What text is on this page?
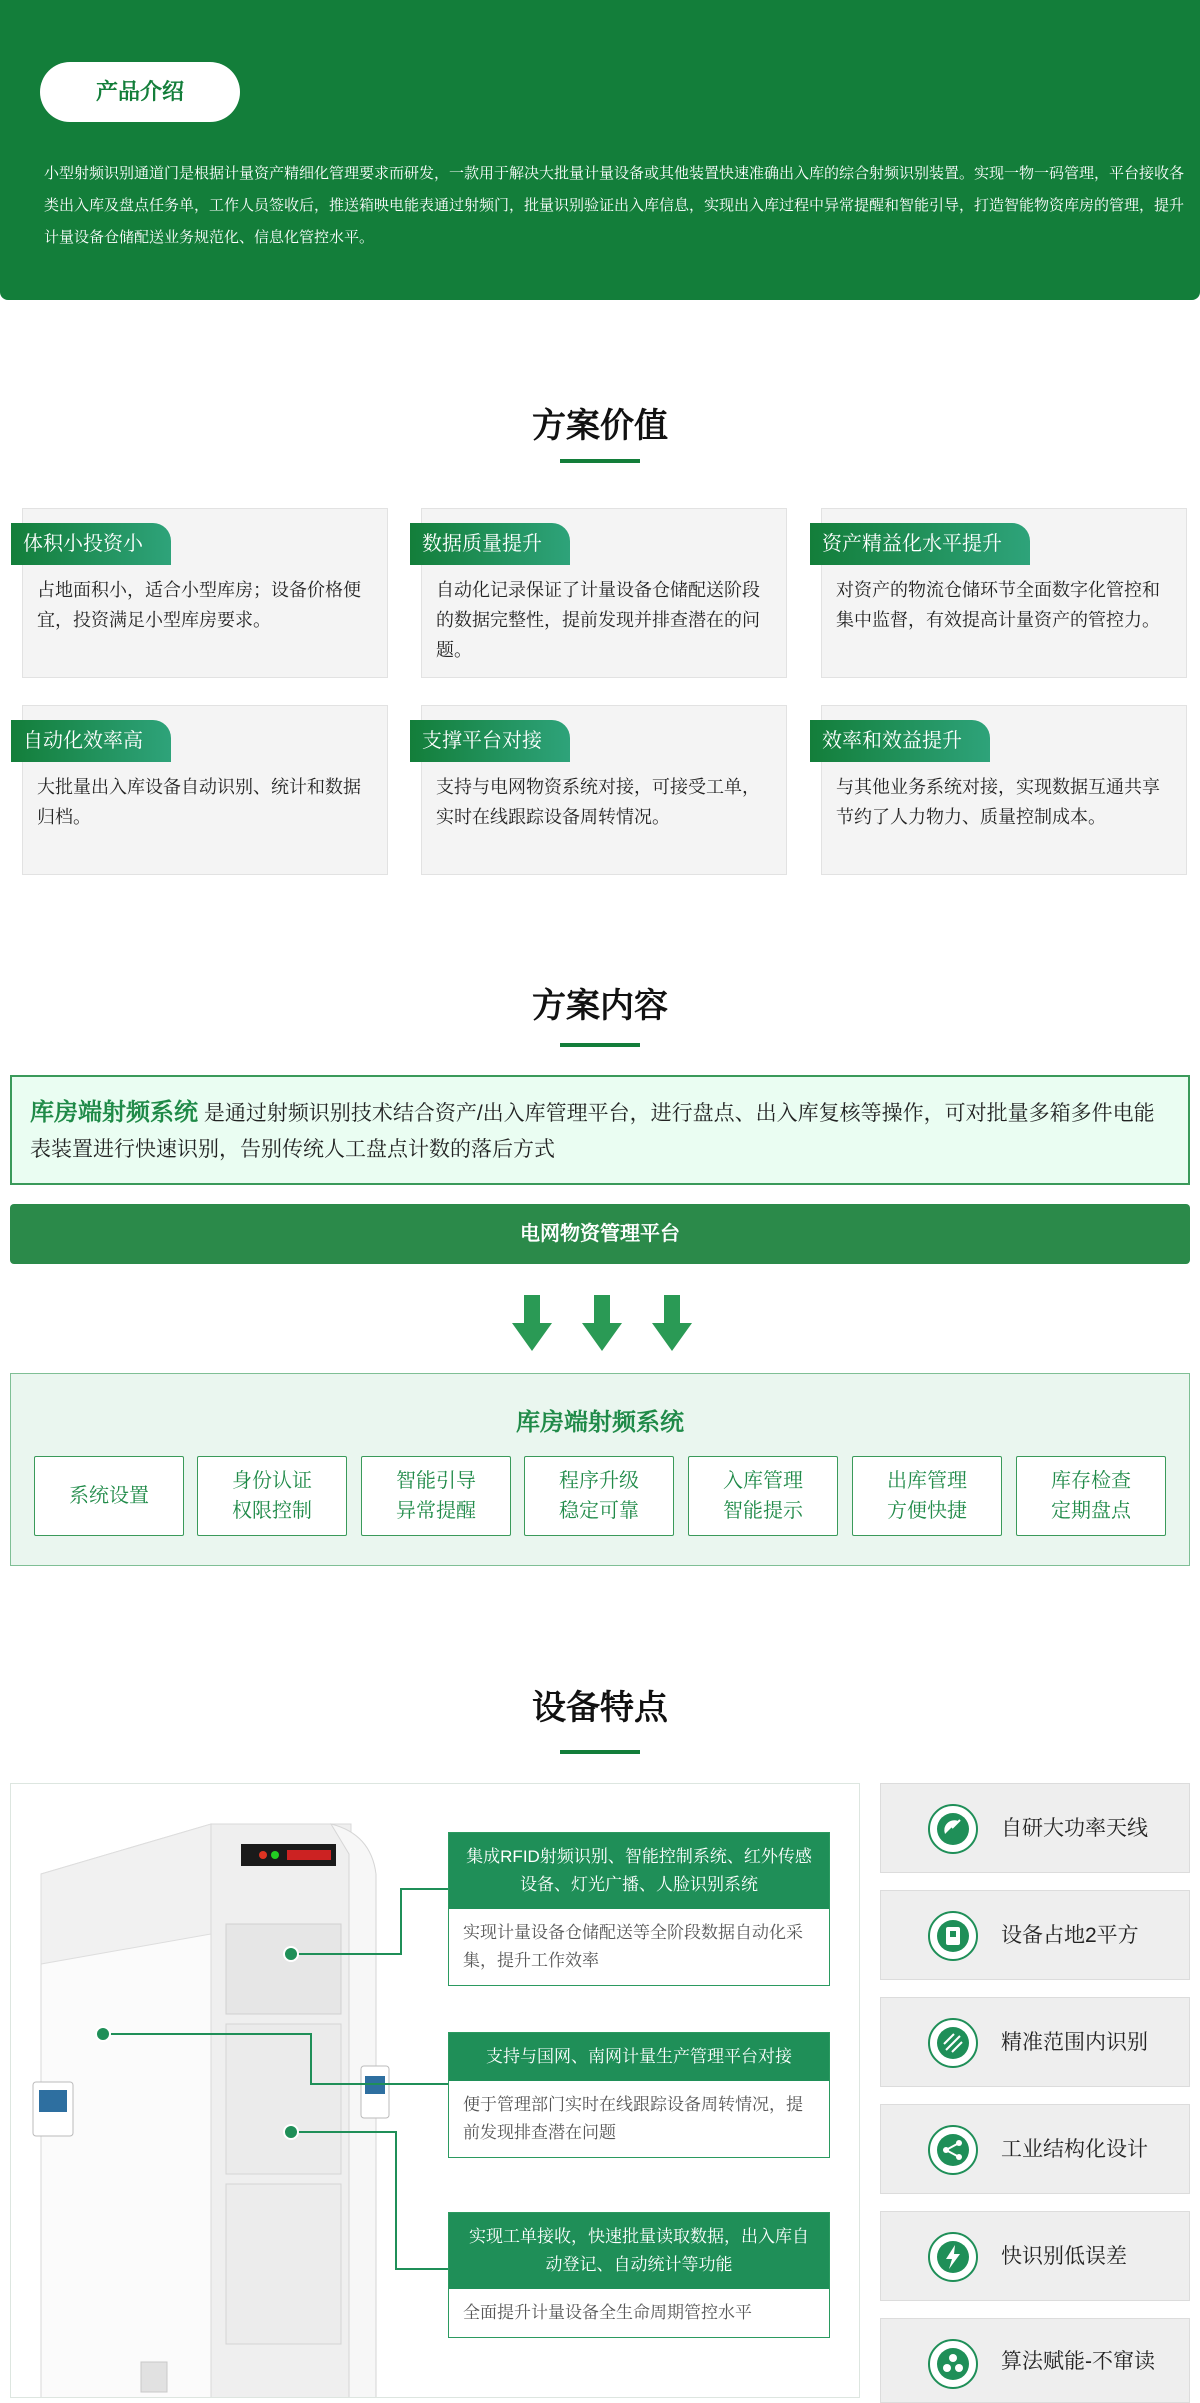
产品介绍

小型射频识别通道门是根据计量资产精细化管理要求而研发，一款用于解决大批量计量设备或其他装置快速准确出入库的综合射频识别装置。实现一物一码管理，平台接收各类出入库及盘点任务单，工作人员签收后，推送箱映电能表通过射频门，批量识别验证出入库信息，实现出入库过程中异常提醒和智能引导，打造智能物资库房的管理，提升计量设备仓储配送业务规范化、信息化管控水平。

方案价值
体积小投资小

占地面积小，适合小型库房；设备价格便宜，投资满足小型库房要求。

数据质量提升

自动化记录保证了计量设备仓储配送阶段的数据完整性，提前发现并排查潜在的问题。

资产精益化水平提升

对资产的物流仓储环节全面数字化管控和集中监督，有效提高计量资产的管控力。

自动化效率高

大批量出入库设备自动识别、统计和数据归档。

支撑平台对接

支持与电网物资系统对接，可接受工单，实时在线跟踪设备周转情况。

效率和效益提升

与其他业务系统对接，实现数据互通共享节约了人力物力、质量控制成本。

方案内容

库房端射频系统 是通过射频识别技术结合资产/出入库管理平台，进行盘点、出入库复核等操作，可对批量多箱多件电能表装置进行快速识别，告别传统人工盘点计数的落后方式

电网物资管理平台
库房端射频系统
系统设置
身份认证
权限控制
智能引导
异常提醒
程序升级
稳定可靠
入库管理
智能提示
出库管理
方便快捷
库存检查
定期盘点
设备特点
集成RFID射频识别、智能控制系统、红外传感设备、灯光广播、人脸识别系统
实现计量设备仓储配送等全阶段数据自动化采集，提升工作效率
支持与国网、南网计量生产管理平台对接
便于管理部门实时在线跟踪设备周转情况，提前发现排查潜在问题
实现工单接收，快速批量读取数据，出入库自动登记、自动统计等功能
全面提升计量设备全生命周期管控水平
自研大功率天线
设备占地2平方
精准范围内识别
工业结构化设计
快识别低误差
算法赋能-不窜读
